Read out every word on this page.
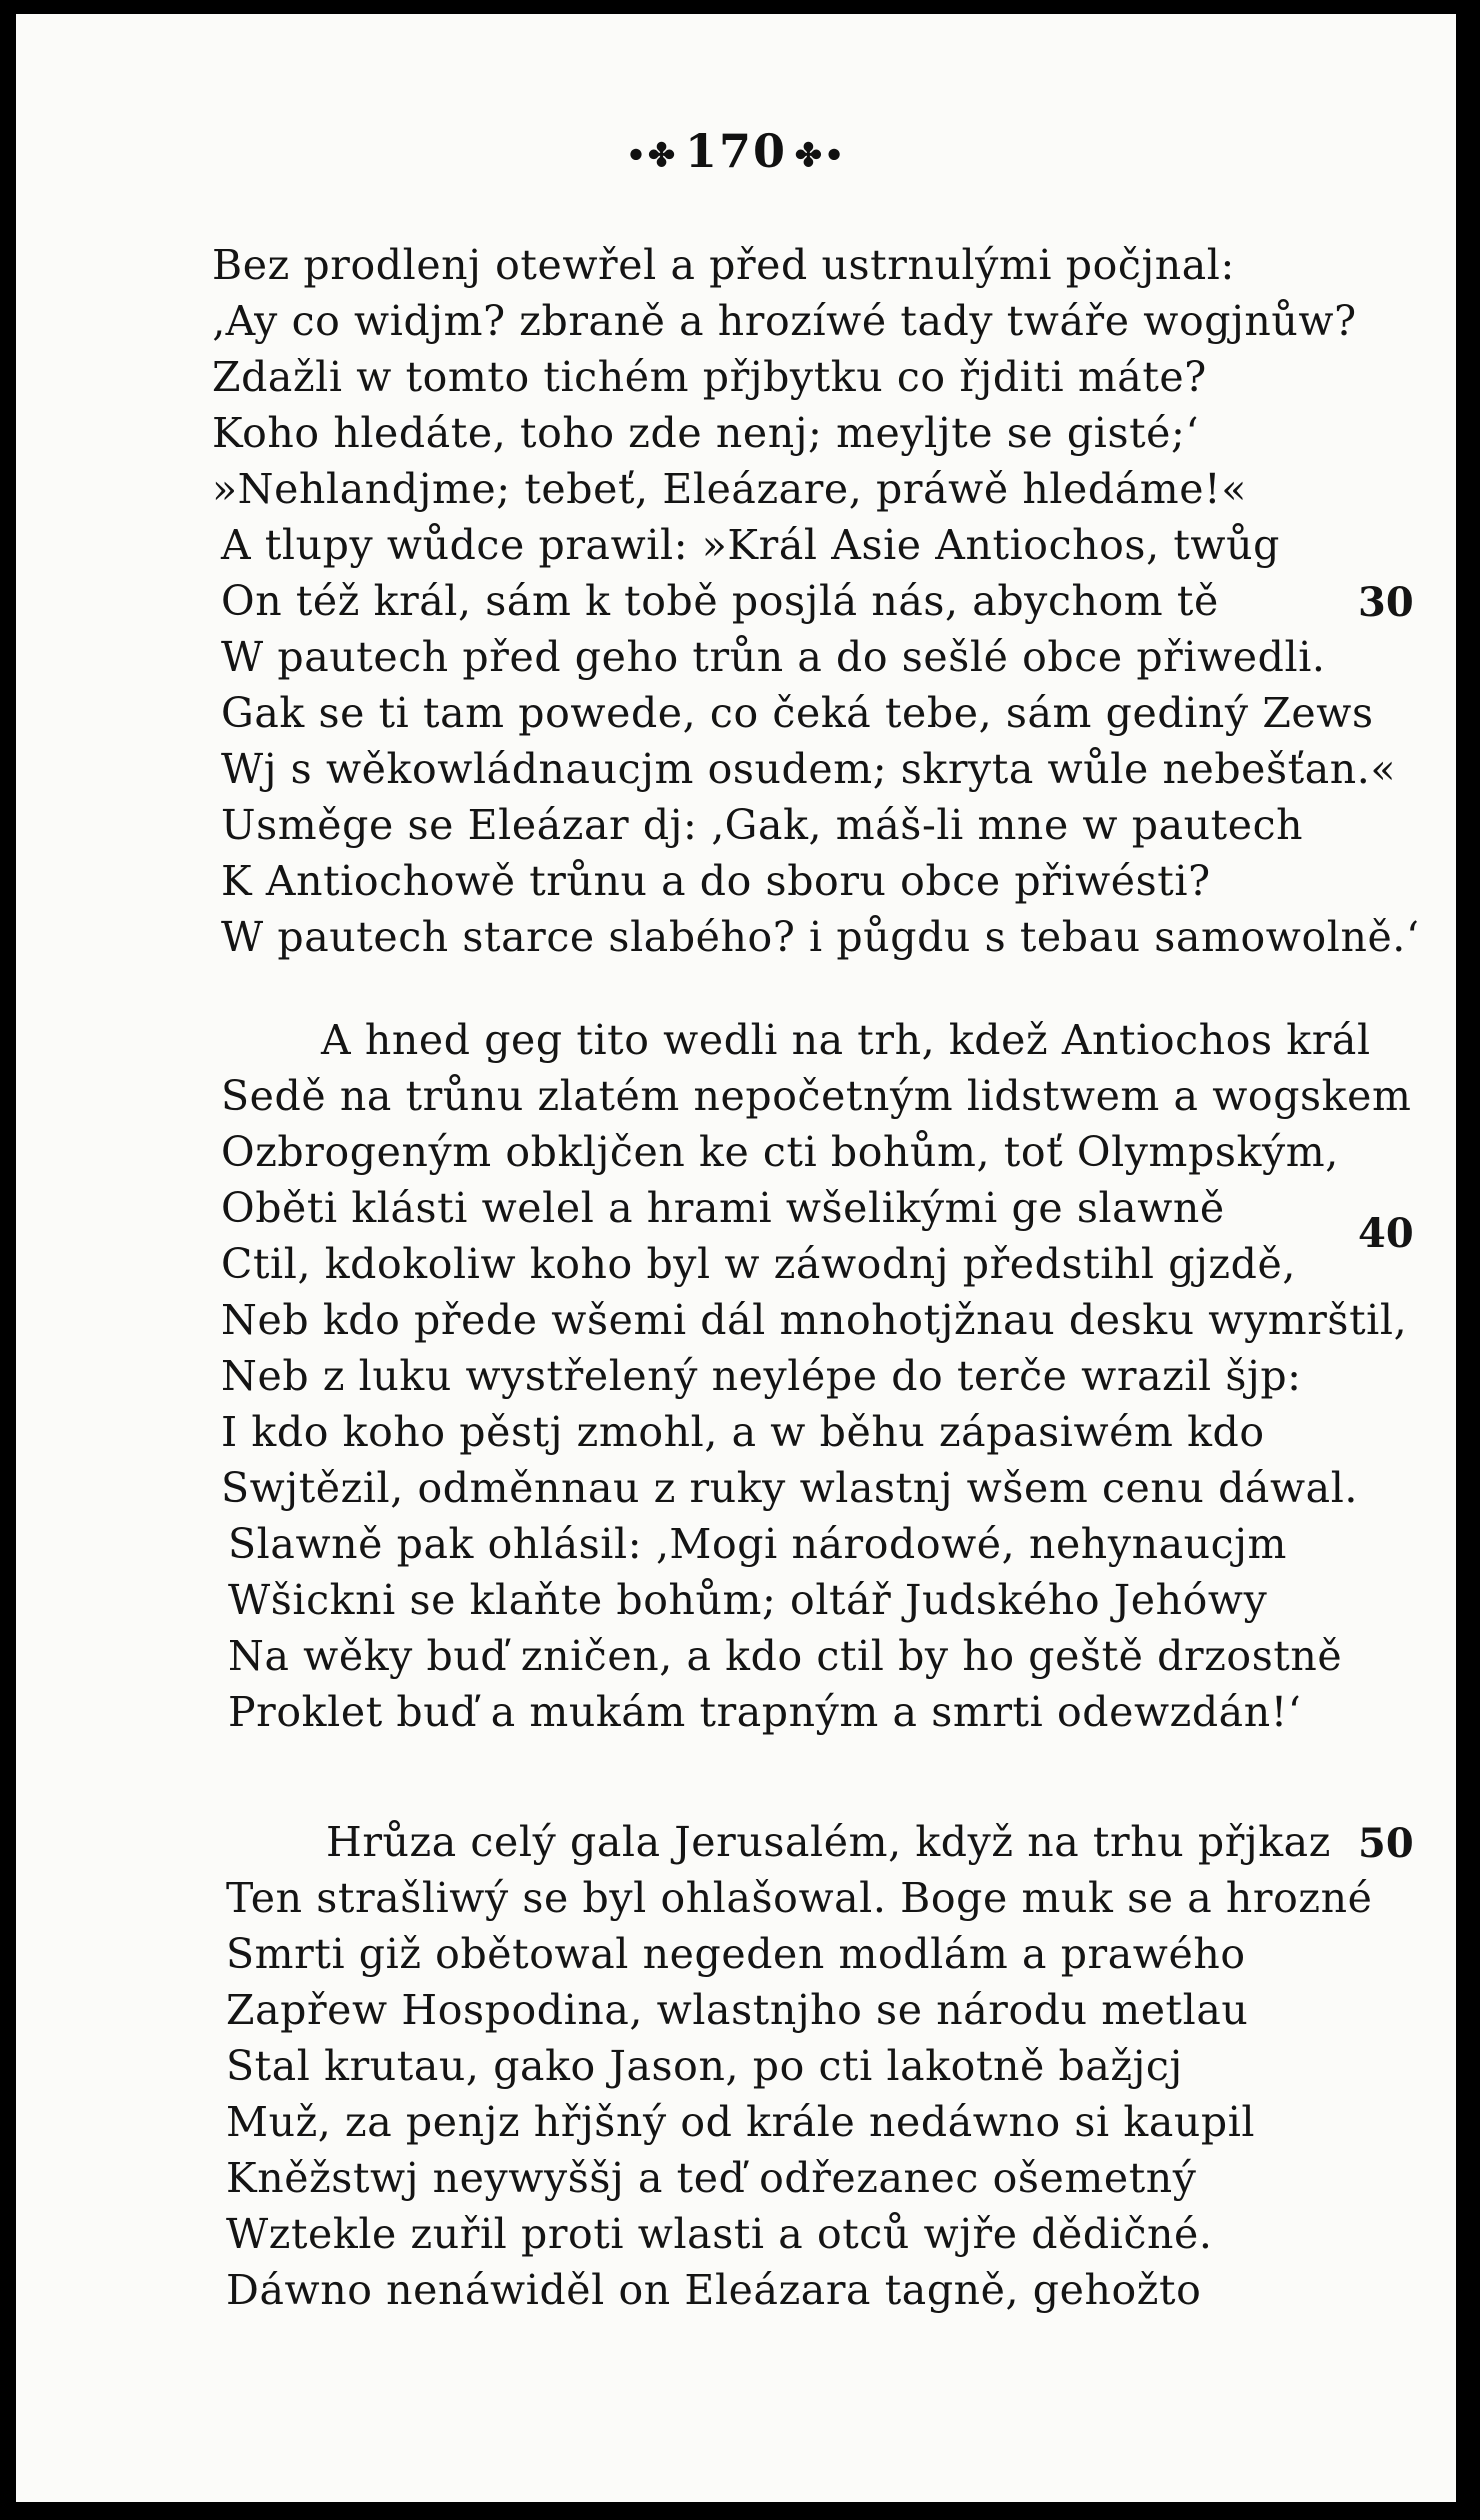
•✤ 170 ✤•
Bez prodlenj otewřel a před ustrnulými počjnal:
‚Ay co widjm? zbraně a hrozíwé tady twáře wogjnůw?
Zdažli w tomto tichém přjbytku co řjditi máte?
Koho hledáte, toho zde nenj; meyljte se gisté;‘
»Nehlandjme; tebeť, Eleázare, práwě hledáme!«
A tlupy wůdce prawil: »Král Asie Antiochos, twůg
On též král, sám k tobě posjlá nás, abychom tě
W pautech před geho trůn a do sešlé obce přiwedli.
Gak se ti tam powede, co čeká tebe, sám gediný Zews
Wj s wěkowládnaucjm osudem; skryta wůle nebešťan.«
Usměge se Eleázar dj: ‚Gak, máš-li mne w pautech
K Antiochowě trůnu a do sboru obce přiwésti?
W pautech starce slabého? i půgdu s tebau samowolně.‘
30
A hned geg tito wedli na trh, kdež Antiochos král
Sedě na trůnu zlatém nepočetným lidstwem a wogskem
Ozbrogeným obkljčen ke cti bohům, toť Olympským,
Oběti klásti welel a hrami wšelikými ge slawně
Ctil, kdokoliw koho byl w záwodnj předstihl gjzdě,
Neb kdo přede wšemi dál mnohotjžnau desku wymrštil,
Neb z luku wystřelený neylépe do terče wrazil šjp:
I kdo koho pěstj zmohl, a w běhu zápasiwém kdo
Swjtězil, odměnnau z ruky wlastnj wšem cenu dáwal.
Slawně pak ohlásil: ‚Mogi národowé, nehynaucjm
Wšickni se klaňte bohům; oltář Judského Jehówy
Na wěky buď zničen, a kdo ctil by ho geště drzostně
Proklet buď a mukám trapným a smrti odewzdán!‘
40
Hrůza celý gala Jerusalém, když na trhu přjkaz
Ten strašliwý se byl ohlašowal. Boge muk se a hrozné
Smrti giž obětowal negeden modlám a prawého
Zapřew Hospodina, wlastnjho se národu metlau
Stal krutau, gako Jason, po cti lakotně bažjcj
Muž, za penjz hřjšný od krále nedáwno si kaupil
Kněžstwj neywyššj a teď odřezanec ošemetný
Wztekle zuřil proti wlasti a otců wjře dědičné.
Dáwno nenáwiděl on Eleázara tagně, gehožto
50
